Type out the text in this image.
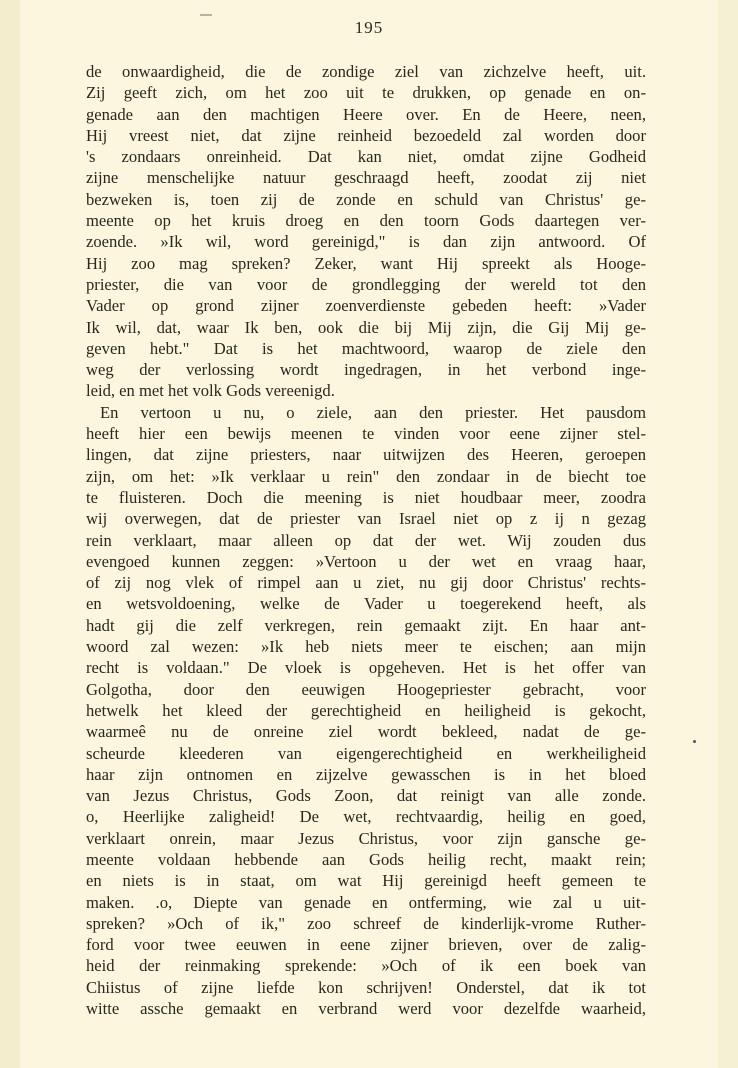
195
de onwaardigheid, die de zondige ziel van zichzelve heeft, uit.
Zij geeft zich, om het zoo uit te drukken, op genade en on-
genade aan den machtigen Heere over. En de Heere, neen,
Hij vreest niet, dat zijne reinheid bezoedeld zal worden door
's zondaars onreinheid. Dat kan niet, omdat zijne Godheid
zijne menschelijke natuur geschraagd heeft, zoodat zij niet
bezweken is, toen zij de zonde en schuld van Christus' ge-
meente op het kruis droeg en den toorn Gods daartegen ver-
zoende. »Ik wil, word gereinigd," is dan zijn antwoord. Of
Hij zoo mag spreken? Zeker, want Hij spreekt als Hooge-
priester, die van voor de grondlegging der wereld tot den
Vader op grond zijner zoenverdienste gebeden heeft: »Vader
Ik wil, dat, waar Ik ben, ook die bij Mij zijn, die Gij Mij ge-
geven hebt." Dat is het machtwoord, waarop de ziele den
weg der verlossing wordt ingedragen, in het verbond inge-
leid, en met het volk Gods vereenigd.
En vertoon u nu, o ziele, aan den priester. Het pausdom
heeft hier een bewijs meenen te vinden voor eene zijner stel-
lingen, dat zijne priesters, naar uitwijzen des Heeren, geroepen
zijn, om het: »Ik verklaar u rein" den zondaar in de biecht toe
te fluisteren. Doch die meening is niet houdbaar meer, zoodra
wij overwegen, dat de priester van Israel niet op z ij n gezag
rein verklaart, maar alleen op dat der wet. Wij zouden dus
evengoed kunnen zeggen: »Vertoon u der wet en vraag haar,
of zij nog vlek of rimpel aan u ziet, nu gij door Christus' rechts-
en wetsvoldoening, welke de Vader u toegerekend heeft, als
hadt gij die zelf verkregen, rein gemaakt zijt. En haar ant-
woord zal wezen: »Ik heb niets meer te eischen; aan mijn
recht is voldaan." De vloek is opgeheven. Het is het offer van
Golgotha, door den eeuwigen Hoogepriester gebracht, voor
hetwelk het kleed der gerechtigheid en heiligheid is gekocht,
waarmeê nu de onreine ziel wordt bekleed, nadat de ge-
scheurde kleederen van eigengerechtigheid en werkheiligheid
haar zijn ontnomen en zijzelve gewasschen is in het bloed
van Jezus Christus, Gods Zoon, dat reinigt van alle zonde.
o, Heerlijke zaligheid! De wet, rechtvaardig, heilig en goed,
verklaart onrein, maar Jezus Christus, voor zijn gansche ge-
meente voldaan hebbende aan Gods heilig recht, maakt rein;
en niets is in staat, om wat Hij gereinigd heeft gemeen te
maken. .o, Diepte van genade en ontferming, wie zal u uit-
spreken? »Och of ik," zoo schreef de kinderlijk-vrome Ruther-
ford voor twee eeuwen in eene zijner brieven, over de zalig-
heid der reinmaking sprekende: »Och of ik een boek van
Chiistus of zijne liefde kon schrijven! Onderstel, dat ik tot
witte assche gemaakt en verbrand werd voor dezelfde waarheid,
